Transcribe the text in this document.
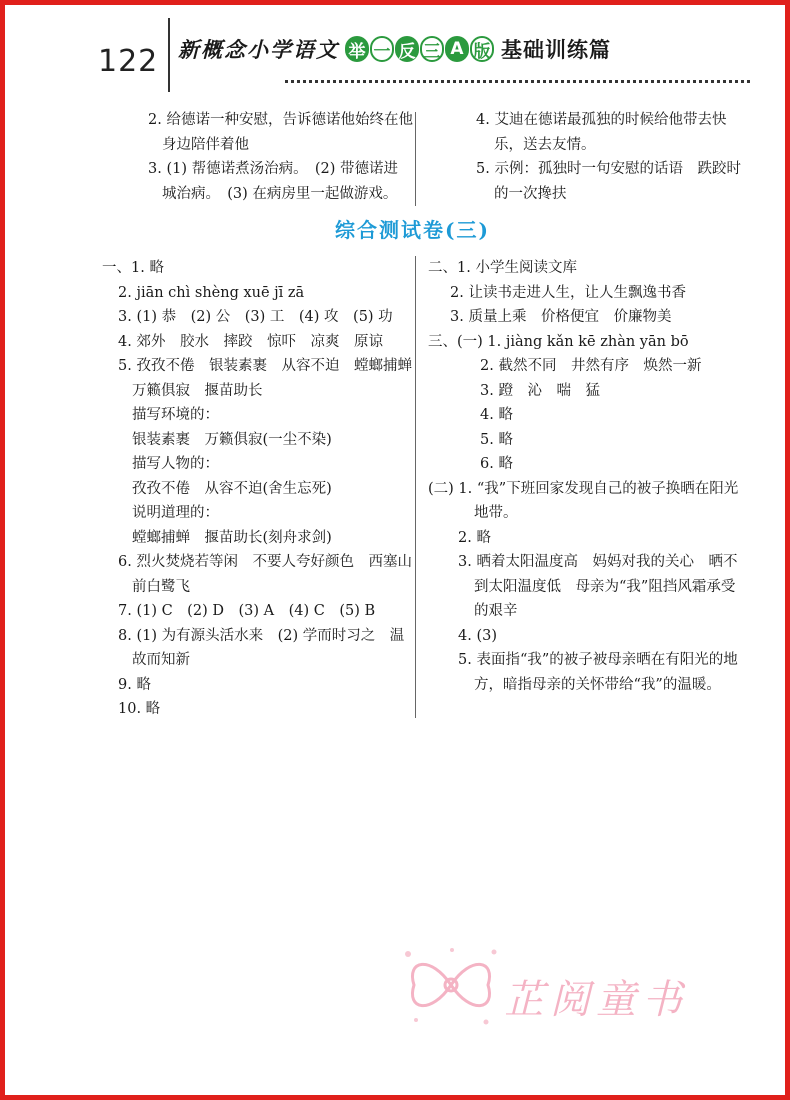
122 新概念小学语文 举 一 反 三 A 版 基础训练篇
2. 给德诺一种安慰，告诉德诺他始终在他
身边陪伴着他
3. (1) 帮德诺煮汤治病。　(2) 带德诺进
城治病。　(3) 在病房里一起做游戏。
4. 艾迪在德诺最孤独的时候给他带去快
乐，送去友情。
5. 示例：孤独时一句安慰的话语　跌跤时
的一次搀扶
综合测试卷(三)
一、1. 略
2. jiān chì shèng xuē jī zā
3. (1) 恭　(2) 公　(3) 工　(4) 攻　(5) 功
4. 郊外　胶水　摔跤　惊吓　凉爽　原谅
5. 孜孜不倦　银装素裹　从容不迫　螳螂捕蝉
万籁俱寂　揠苗助长
描写环境的：
银装素裹　万籁俱寂(一尘不染)
描写人物的：
孜孜不倦　从容不迫(舍生忘死)
说明道理的：
螳螂捕蝉　揠苗助长(刻舟求剑)
6. 烈火焚烧若等闲　不要人夸好颜色　西塞山
前白鹭飞
7. (1) C　(2) D　(3) A　(4) C　(5) B
8. (1) 为有源头活水来　(2) 学而时习之　温
故而知新
9. 略
10. 略
二、1. 小学生阅读文库
2. 让读书走进人生，让人生飘逸书香
3. 质量上乘　价格便宜　价廉物美
三、(一) 1. jiàng kǎn kē zhàn yān bō
2. 截然不同　井然有序　焕然一新
3. 蹬　沁　喘　猛
4. 略
5. 略
6. 略
(二) 1. “我”下班回家发现自己的被子换晒在阳光
地带。
2. 略
3. 晒着太阳温度高　妈妈对我的关心　晒不
到太阳温度低　母亲为“我”阻挡风霜承受
的艰辛
4. (3)
5. 表面指“我”的被子被母亲晒在有阳光的地
方，暗指母亲的关怀带给“我”的温暖。
芷阅童书
